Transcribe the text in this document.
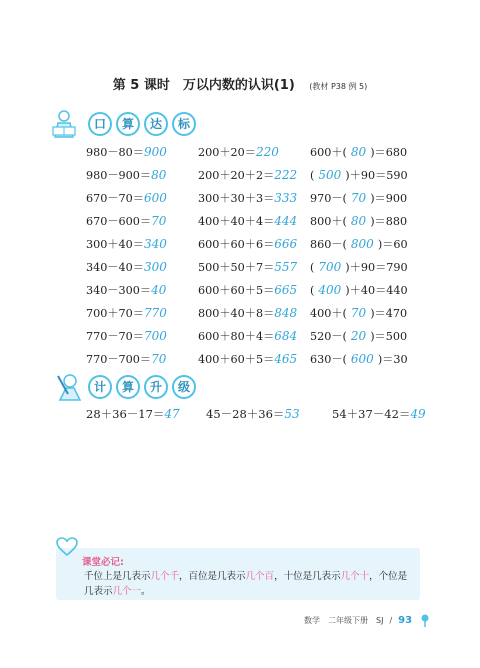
第 5 课时　万以内数的认识(1) (教材 P38 例 5)
口	算	达	标
980－80＝900	200＋20＝220	600＋( 80 )＝680
980－900＝80	200＋20＋2＝222	( 500 )＋90＝590
670－70＝600	300＋30＋3＝333	970－( 70 )＝900
670－600＝70	400＋40＋4＝444	800＋( 80 )＝880
300＋40＝340	600＋60＋6＝666	860－( 800 )＝60
340－40＝300	500＋50＋7＝557	( 700 )＋90＝790
340－300＝40	600＋60＋5＝665	( 400 )＋40＝440
700＋70＝770	800＋40＋8＝848	400＋( 70 )＝470
770－70＝700	600＋80＋4＝684	520－( 20 )＝500
770－700＝70	400＋60＋5＝465	630－( 600 )＝30
计	算	升	级
28＋36－17＝47	45－28＋36＝53	54＋37－42＝49
课堂必记:
千位上是几表示几个千，百位是几表示几个百，十位是几表示几个十，个位是几表示几个一。
数学　二年级下册　SJ / 93
